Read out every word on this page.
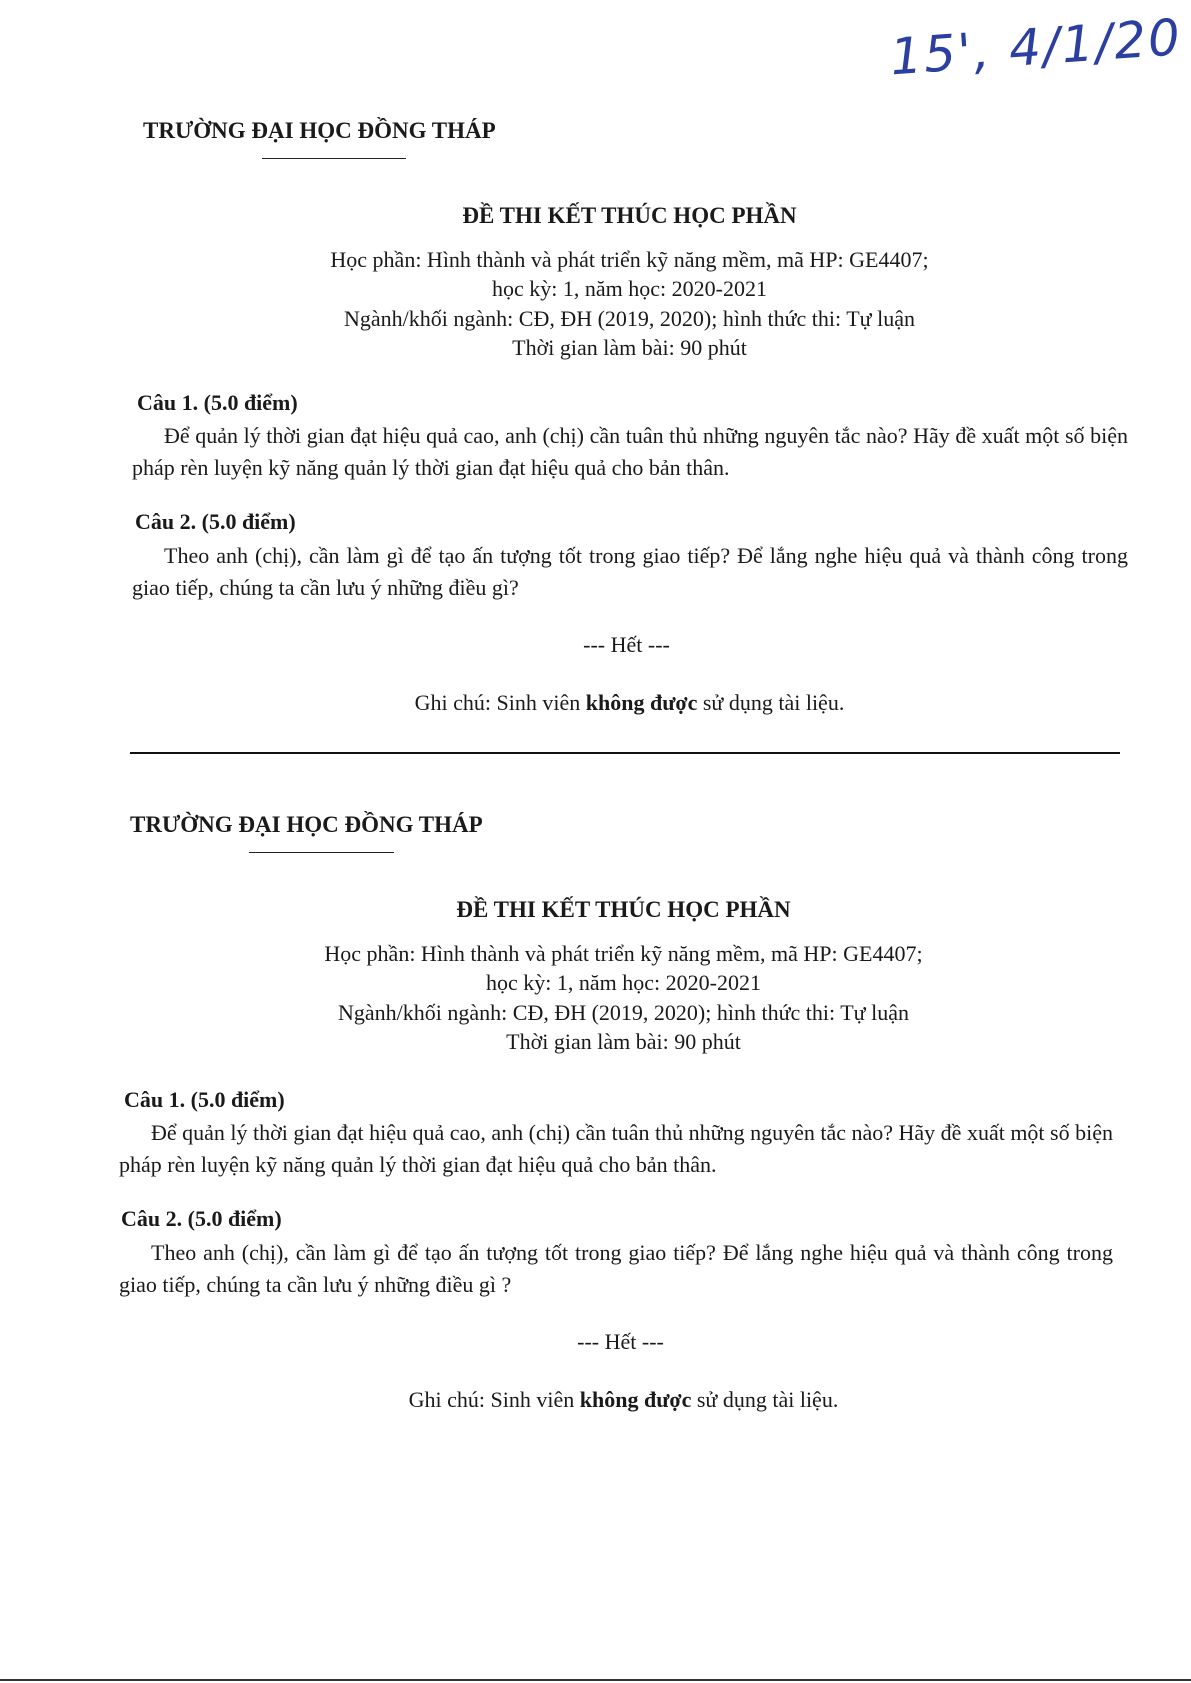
15', 4/1/20
TRƯỜNG ĐẠI HỌC ĐỒNG THÁP
ĐỀ THI KẾT THÚC HỌC PHẦN
Học phần: Hình thành và phát triển kỹ năng mềm, mã HP: GE4407;
học kỳ: 1, năm học: 2020-2021
Ngành/khối ngành: CĐ, ĐH (2019, 2020); hình thức thi: Tự luận
Thời gian làm bài: 90 phút
Câu 1. (5.0 điểm)

Để quản lý thời gian đạt hiệu quả cao, anh (chị) cần tuân thủ những nguyên tắc nào? Hãy đề xuất một số biện pháp rèn luyện kỹ năng quản lý thời gian đạt hiệu quả cho bản thân.

Câu 2. (5.0 điểm)

Theo anh (chị), cần làm gì để tạo ấn tượng tốt trong giao tiếp? Để lắng nghe hiệu quả và thành công trong giao tiếp, chúng ta cần lưu ý những điều gì?

--- Hết ---
Ghi chú: Sinh viên không được sử dụng tài liệu.
TRƯỜNG ĐẠI HỌC ĐỒNG THÁP
ĐỀ THI KẾT THÚC HỌC PHẦN
Học phần: Hình thành và phát triển kỹ năng mềm, mã HP: GE4407;
học kỳ: 1, năm học: 2020-2021
Ngành/khối ngành: CĐ, ĐH (2019, 2020); hình thức thi: Tự luận
Thời gian làm bài: 90 phút
Câu 1. (5.0 điểm)

Để quản lý thời gian đạt hiệu quả cao, anh (chị) cần tuân thủ những nguyên tắc nào? Hãy đề xuất một số biện pháp rèn luyện kỹ năng quản lý thời gian đạt hiệu quả cho bản thân.

Câu 2. (5.0 điểm)

Theo anh (chị), cần làm gì để tạo ấn tượng tốt trong giao tiếp? Để lắng nghe hiệu quả và thành công trong giao tiếp, chúng ta cần lưu ý những điều gì ?

--- Hết ---
Ghi chú: Sinh viên không được sử dụng tài liệu.
